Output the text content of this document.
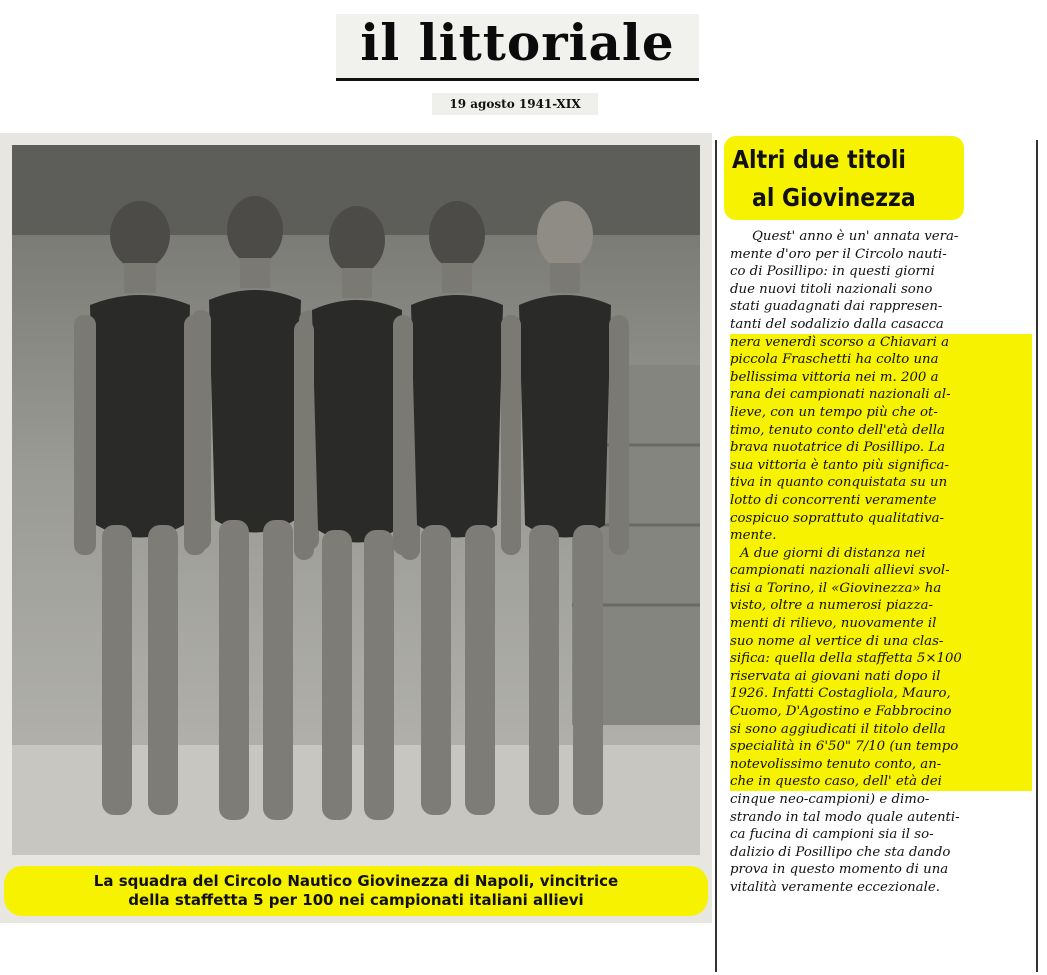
il littoriale
19 agosto 1941-XIX
La squadra del Circolo Nautico Giovinezza di Napoli, vincitrice
della staffetta 5 per 100 nei campionati italiani allievi
Altri due titoli
al Giovinezza
Quest' anno è un' annata vera-
mente d'oro per il Circolo nauti-
co di Posillipo: in questi giorni
due nuovi titoli nazionali sono
stati guadagnati dai rappresen-
tanti del sodalizio dalla casacca
nera venerdì scorso a Chiavari a
piccola Fraschetti ha colto una
bellissima vittoria nei m. 200 a
rana dei campionati nazionali al-
lieve, con un tempo più che ot-
timo, tenuto conto dell'età della
brava nuotatrice di Posillipo. La
sua vittoria è tanto più significa-
tiva in quanto conquistata su un
lotto di concorrenti veramente
cospicuo soprattuto qualitativa-
mente.
A due giorni di distanza nei
campionati nazionali allievi svol-
tisi a Torino, il «Giovinezza» ha
visto, oltre a numerosi piazza-
menti di rilievo, nuovamente il
suo nome al vertice di una clas-
sifica: quella della staffetta 5×100
riservata ai giovani nati dopo il
1926. Infatti Costagliola, Mauro,
Cuomo, D'Agostino e Fabbrocino
si sono aggiudicati il titolo della
specialità in 6'50" 7/10 (un tempo
notevolissimo tenuto conto, an-
che in questo caso, dell' età dei
cinque neo-campioni) e dimo-
strando in tal modo quale autenti-
ca fucina di campioni sia il so-
dalizio di Posillipo che sta dando
prova in questo momento di una
vitalità veramente eccezionale.
